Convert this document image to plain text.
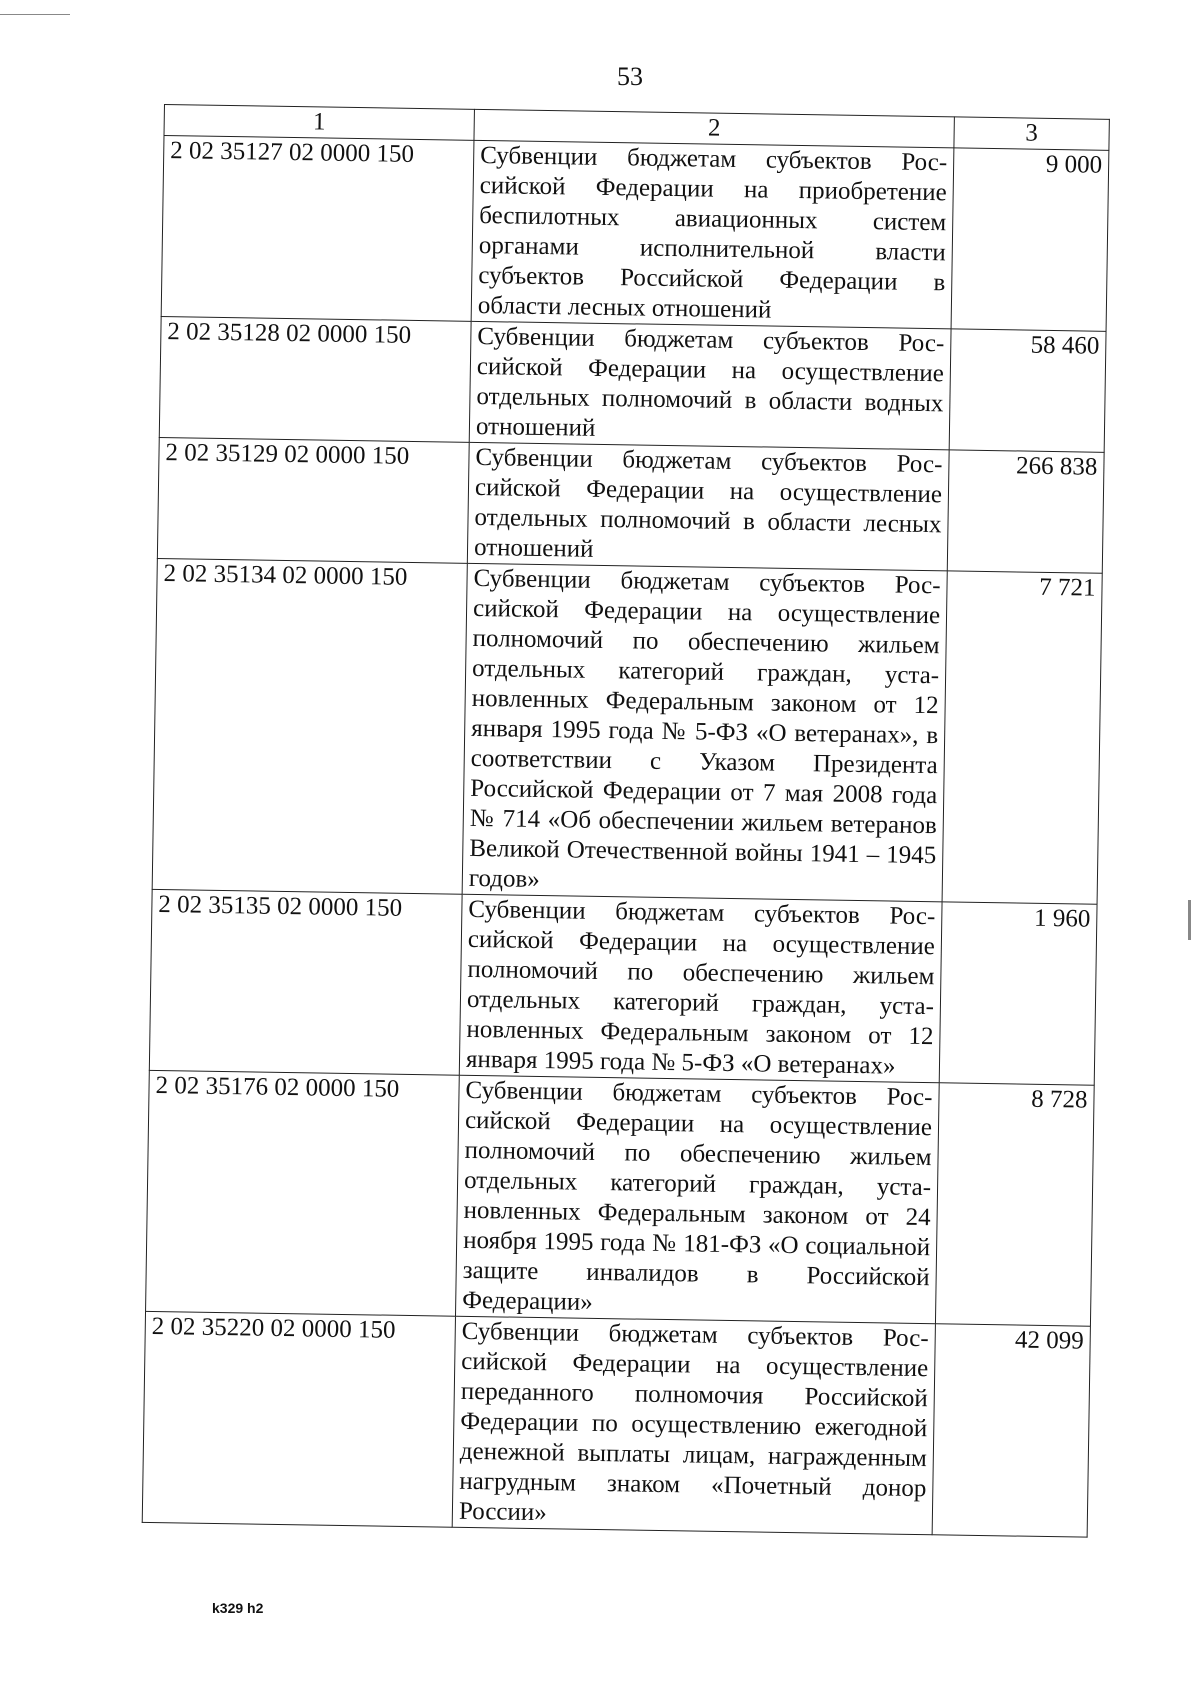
53
1	2	3
2 02 35127 02 0000 150	Субвенции бюджетам субъектов Российской Федерации на приобретение беспилотных авиационных систем органами исполнительной власти субъектов Российской Федерации в области лесных отношений	9 000
2 02 35128 02 0000 150	Субвенции бюджетам субъектов Российской Федерации на осуществление отдельных полномочий в области водных отношений	58 460
2 02 35129 02 0000 150	Субвенции бюджетам субъектов Российской Федерации на осуществление отдельных полномочий в области лесных отношений	266 838
2 02 35134 02 0000 150	Субвенции бюджетам субъектов Российской Федерации на осуществление полномочий по обеспечению жильем отдельных категорий граждан, установленных Федеральным законом от 12 января 1995 года № 5-ФЗ «О ветеранах», в соответствии с Указом Президента Российской Федерации от 7 мая 2008 года № 714 «Об обеспечении жильем ветеранов Великой Отечественной войны 1941 – 1945 годов»	7 721
2 02 35135 02 0000 150	Субвенции бюджетам субъектов Российской Федерации на осуществление полномочий по обеспечению жильем отдельных категорий граждан, установленных Федеральным законом от 12 января 1995 года № 5-ФЗ «О ветеранах»	1 960
2 02 35176 02 0000 150	Субвенции бюджетам субъектов Российской Федерации на осуществление полномочий по обеспечению жильем отдельных категорий граждан, установленных Федеральным законом от 24 ноября 1995 года № 181-ФЗ «О социальной защите инвалидов в Российской Федерации»	8 728
2 02 35220 02 0000 150	Субвенции бюджетам субъектов Российской Федерации на осуществление переданного полномочия Российской Федерации по осуществлению ежегодной денежной выплаты лицам, награжденным нагрудным знаком «Почетный донор России»	42 099
k329 h2
